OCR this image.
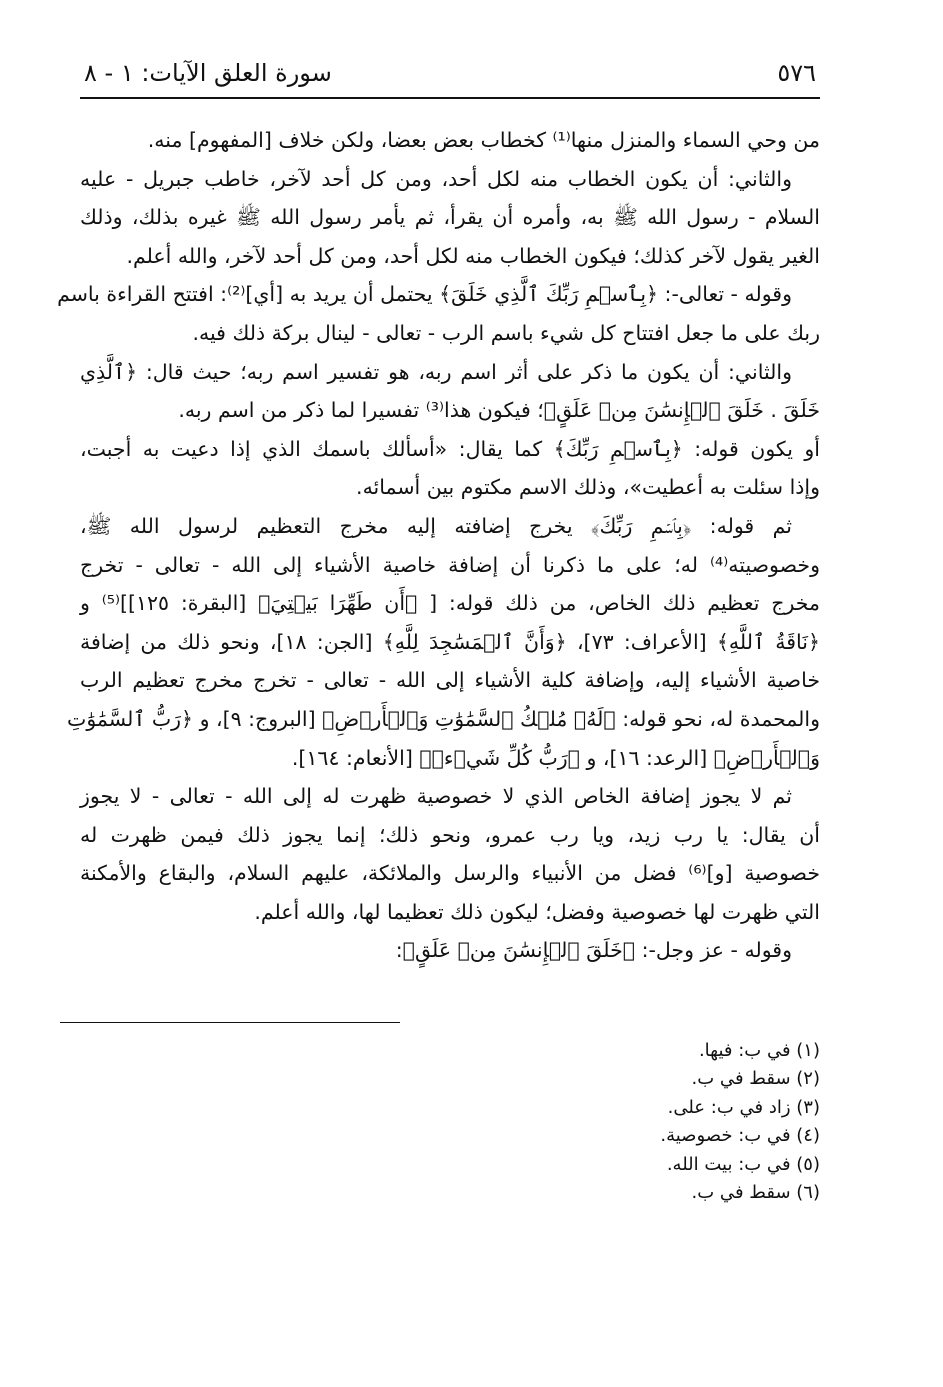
٥٧٦
سورة العلق الآيات: ١ - ٨
من وحي السماء والمنزل منها⁽¹⁾ كخطاب بعض بعضا، ولكن خلاف [المفهوم] منه.
والثاني: أن يكون الخطاب منه لكل أحد، ومن كل أحد لآخر، خاطب جبريل - عليه
السلام - رسول الله ﷺ به، وأمره أن يقرأ، ثم يأمر رسول الله ﷺ غيره بذلك، وذلك
الغير يقول لآخر كذلك؛ فيكون الخطاب منه لكل أحد، ومن كل أحد لآخر، والله أعلم.
وقوله - تعالى-: ﴿بِٱسۡمِ رَبِّكَ ٱلَّذِي خَلَقَ﴾ يحتمل أن يريد به [أي]⁽²⁾: افتتح القراءة باسم
ربك على ما جعل افتتاح كل شيء باسم الرب - تعالى - لينال بركة ذلك فيه.
والثاني: أن يكون ما ذكر على أثر اسم ربه، هو تفسير اسم ربه؛ حيث قال: ﴿ٱلَّذِي
خَلَقَ . خَلَقَ ٱلۡإِنسَٰنَ مِنۡ عَلَقٍ﴾؛ فيكون هذا⁽³⁾ تفسيرا لما ذكر من اسم ربه.
أو يكون قوله: ﴿بِٱسۡمِ رَبِّكَ﴾ كما يقال: «أسألك باسمك الذي إذا دعيت به أجبت،
وإذا سئلت به أعطيت»، وذلك الاسم مكتوم بين أسمائه.
ثم قوله: ﴿بِٱسۡمِ رَبِّكَ﴾ يخرج إضافته إليه مخرج التعظيم لرسول الله ﷺ،
وخصوصيته⁽⁴⁾ له؛ على ما ذكرنا أن إضافة خاصية الأشياء إلى الله - تعالى - تخرج
مخرج تعظيم ذلك الخاص، من ذلك قوله: [ ﴿أَن طَهِّرَا بَيۡتِيَ﴾ [البقرة: ١٢٥]]⁽⁵⁾ و
﴿نَاقَةُ ٱللَّهِ﴾ [الأعراف: ٧٣]، ﴿وَأَنَّ ٱلۡمَسَٰجِدَ لِلَّهِ﴾ [الجن: ١٨]، ونحو ذلك من إضافة
خاصية الأشياء إليه، وإضافة كلية الأشياء إلى الله - تعالى - تخرج مخرج تعظيم الرب
والمحمدة له، نحو قوله: ﴿لَهُۥ مُلۡكُ ٱلسَّمَٰوَٰتِ وَٱلۡأَرۡضِ﴾ [البروج: ٩]، و ﴿رَبُّ ٱلسَّمَٰوَٰتِ
وَٱلۡأَرۡضِ﴾ [الرعد: ١٦]، و ﴿رَبُّ كُلِّ شَيۡءٖ﴾ [الأنعام: ١٦٤].
ثم لا يجوز إضافة الخاص الذي لا خصوصية ظهرت له إلى الله - تعالى - لا يجوز
أن يقال: يا رب زيد، ويا رب عمرو، ونحو ذلك؛ إنما يجوز ذلك فيمن ظهرت له
خصوصية [و]⁽⁶⁾ فضل من الأنبياء والرسل والملائكة، عليهم السلام، والبقاع والأمكنة
التي ظهرت لها خصوصية وفضل؛ ليكون ذلك تعظيما لها، والله أعلم.
وقوله - عز وجل-: ﴿خَلَقَ ٱلۡإِنسَٰنَ مِنۡ عَلَقٍ﴾:
(١) في ب: فيها.
(٢) سقط في ب.
(٣) زاد في ب: على.
(٤) في ب: خصوصية.
(٥) في ب: بيت الله.
(٦) سقط في ب.
